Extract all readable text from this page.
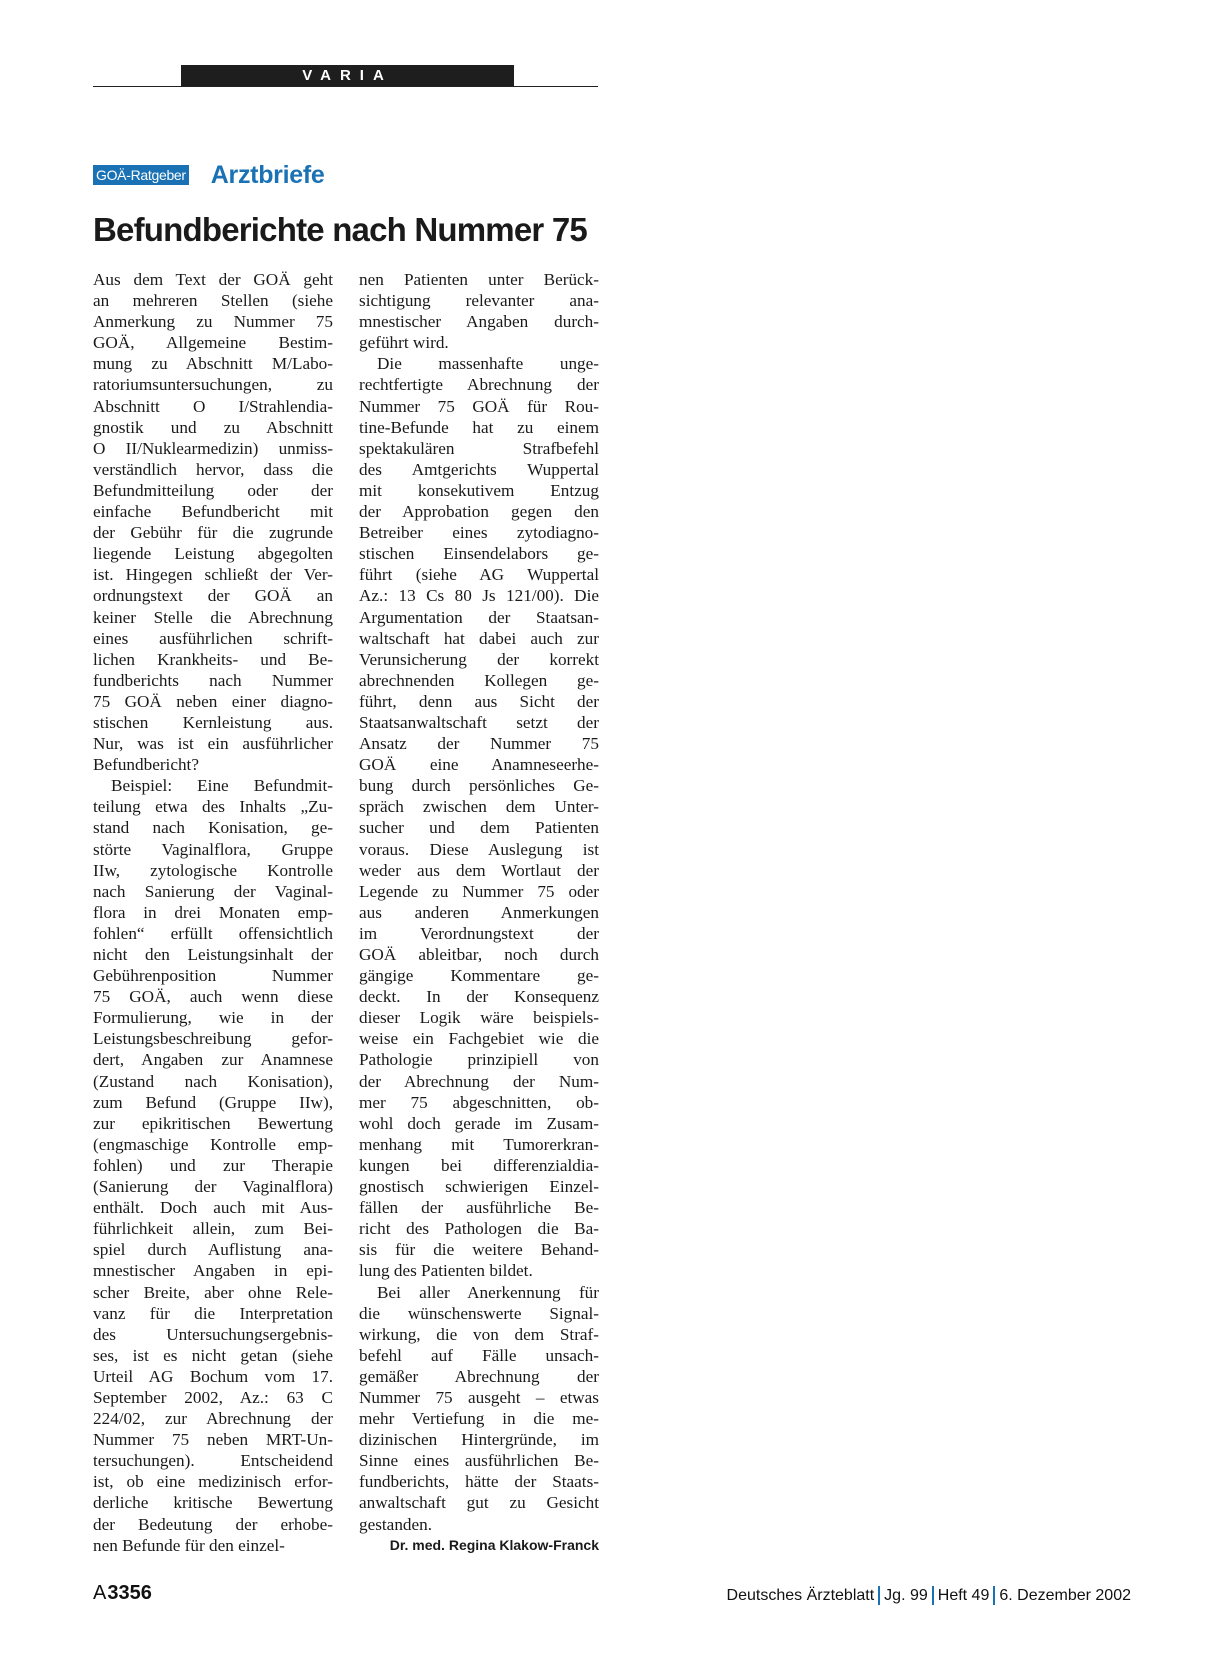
VARIA
GOÄ-Ratgeber Arztbriefe
Befundberichte nach Nummer 75
Aus dem Text der GOÄ geht
an mehreren Stellen (siehe
Anmerkung zu Nummer 75
GOÄ, Allgemeine Bestim-
mung zu Abschnitt M/Labo-
ratoriumsuntersuchungen, zu
Abschnitt O I/Strahlendia-
gnostik und zu Abschnitt
O II/Nuklearmedizin) unmiss-
verständlich hervor, dass die
Befundmitteilung oder der
einfache Befundbericht mit
der Gebühr für die zugrunde
liegende Leistung abgegolten
ist. Hingegen schließt der Ver-
ordnungstext der GOÄ an
keiner Stelle die Abrechnung
eines ausführlichen schrift-
lichen Krankheits- und Be-
fundberichts nach Nummer
75 GOÄ neben einer diagno-
stischen Kernleistung aus.
Nur, was ist ein ausführlicher
Befundbericht?
Beispiel: Eine Befundmit-
teilung etwa des Inhalts „Zu-
stand nach Konisation, ge-
störte Vaginalflora, Gruppe
IIw, zytologische Kontrolle
nach Sanierung der Vaginal-
flora in drei Monaten emp-
fohlen“ erfüllt offensichtlich
nicht den Leistungsinhalt der
Gebührenposition Nummer
75 GOÄ, auch wenn diese
Formulierung, wie in der
Leistungsbeschreibung gefor-
dert, Angaben zur Anamnese
(Zustand nach Konisation),
zum Befund (Gruppe IIw),
zur epikritischen Bewertung
(engmaschige Kontrolle emp-
fohlen) und zur Therapie
(Sanierung der Vaginalflora)
enthält. Doch auch mit Aus-
führlichkeit allein, zum Bei-
spiel durch Auflistung ana-
mnestischer Angaben in epi-
scher Breite, aber ohne Rele-
vanz für die Interpretation
des Untersuchungsergebnis-
ses, ist es nicht getan (siehe
Urteil AG Bochum vom 17.
September 2002, Az.: 63 C
224/02, zur Abrechnung der
Nummer 75 neben MRT-Un-
tersuchungen). Entscheidend
ist, ob eine medizinisch erfor-
derliche kritische Bewertung
der Bedeutung der erhobe-
nen Befunde für den einzel-
nen Patienten unter Berück-
sichtigung relevanter ana-
mnestischer Angaben durch-
geführt wird.
Die massenhafte unge-
rechtfertigte Abrechnung der
Nummer 75 GOÄ für Rou-
tine-Befunde hat zu einem
spektakulären Strafbefehl
des Amtgerichts Wuppertal
mit konsekutivem Entzug
der Approbation gegen den
Betreiber eines zytodiagno-
stischen Einsendelabors ge-
führt (siehe AG Wuppertal
Az.: 13 Cs 80 Js 121/00). Die
Argumentation der Staatsan-
waltschaft hat dabei auch zur
Verunsicherung der korrekt
abrechnenden Kollegen ge-
führt, denn aus Sicht der
Staatsanwaltschaft setzt der
Ansatz der Nummer 75
GOÄ eine Anamneseerhe-
bung durch persönliches Ge-
spräch zwischen dem Unter-
sucher und dem Patienten
voraus. Diese Auslegung ist
weder aus dem Wortlaut der
Legende zu Nummer 75 oder
aus anderen Anmerkungen
im Verordnungstext der
GOÄ ableitbar, noch durch
gängige Kommentare ge-
deckt. In der Konsequenz
dieser Logik wäre beispiels-
weise ein Fachgebiet wie die
Pathologie prinzipiell von
der Abrechnung der Num-
mer 75 abgeschnitten, ob-
wohl doch gerade im Zusam-
menhang mit Tumorerkran-
kungen bei differenzialdia-
gnostisch schwierigen Einzel-
fällen der ausführliche Be-
richt des Pathologen die Ba-
sis für die weitere Behand-
lung des Patienten bildet.
Bei aller Anerkennung für
die wünschenswerte Signal-
wirkung, die von dem Straf-
befehl auf Fälle unsach-
gemäßer Abrechnung der
Nummer 75 ausgeht – etwas
mehr Vertiefung in die me-
dizinischen Hintergründe, im
Sinne eines ausführlichen Be-
fundberichts, hätte der Staats-
anwaltschaft gut zu Gesicht
gestanden.
Dr. med. Regina Klakow-Franck
A3356	Deutsches Ärzteblatt Jg. 99 Heft 49 6. Dezember 2002
